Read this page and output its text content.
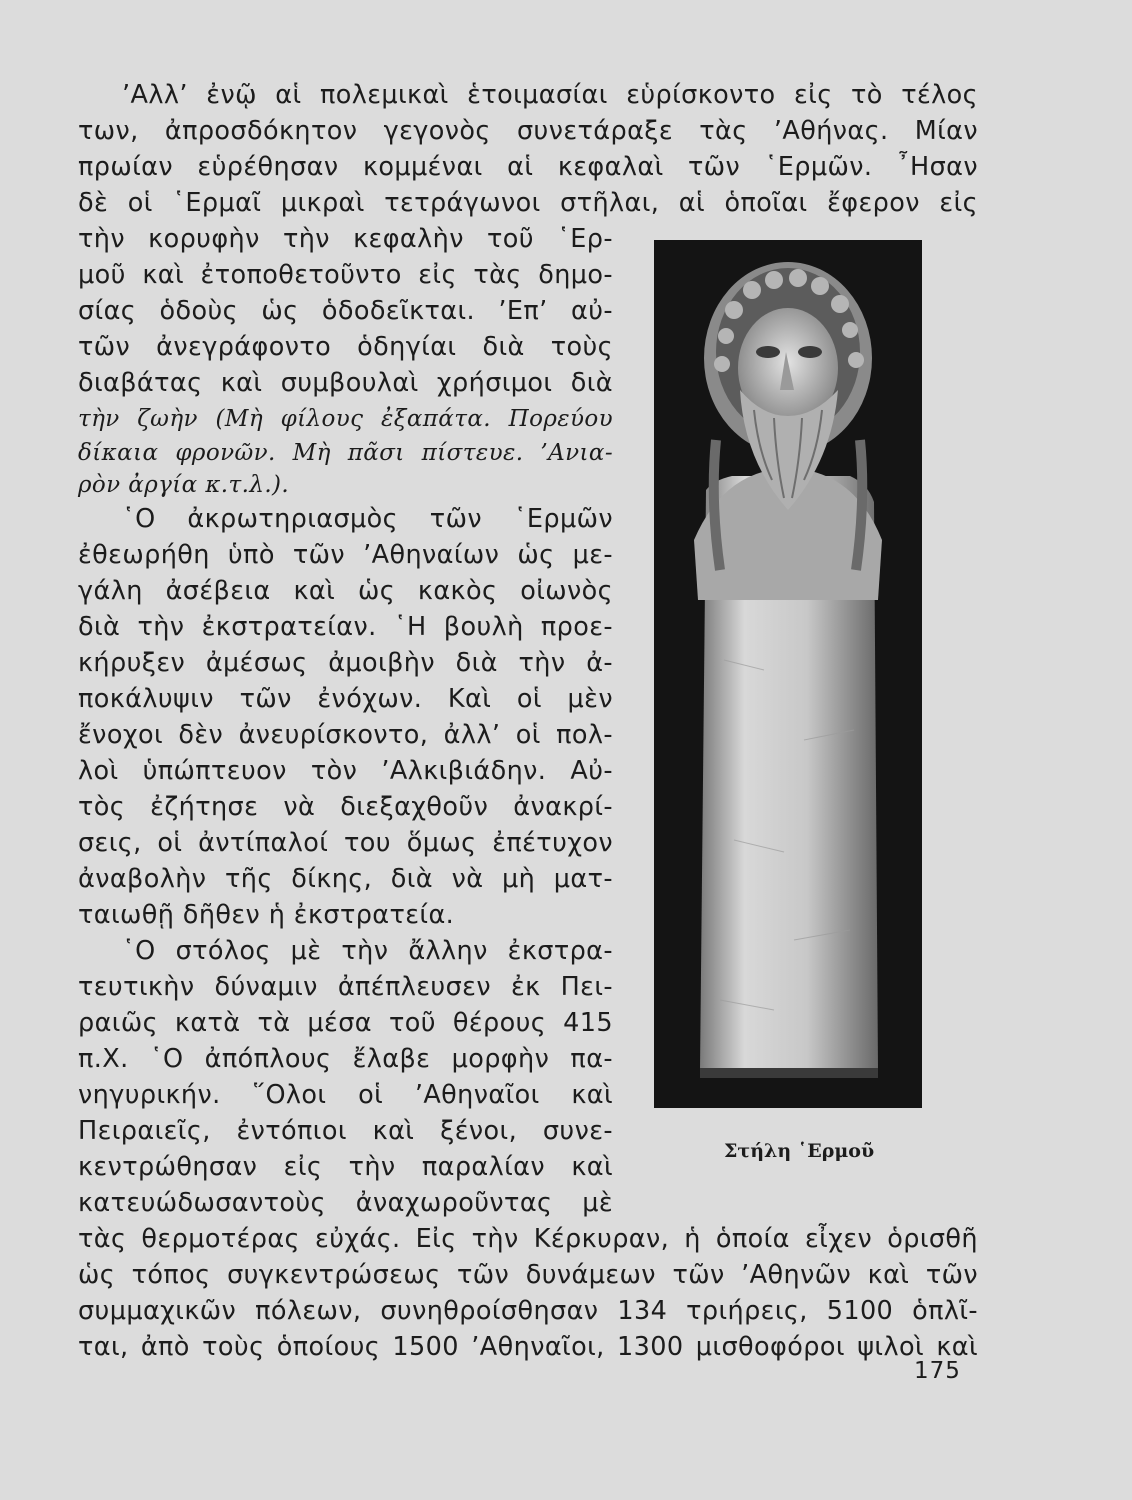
’Αλλ’ ἐνῷ αἱ πολεμικαὶ ἑτοιμασίαι εὑρίσκοντο εἰς τὸ τέλος
των, ἀπροσδόκητον γεγονὸς συνετάραξε τὰς ’Αθήνας. Μίαν
πρωίαν εὑρέθησαν κομμέναι αἱ κεφαλαὶ τῶν ῾Ερμῶν. ῏Ησαν
δὲ οἱ ῾Ερμαῖ μικραὶ τετράγωνοι στῆλαι, αἱ ὁποῖαι ἔφερον εἰς
τὴν κορυφὴν τὴν κεφαλὴν τοῦ ῾Ερ-
μοῦ καὶ ἐτοποθετοῦντο εἰς τὰς δημο-
σίας ὁδοὺς ὡς ὁδοδεῖκται. ’Επ’ αὐ-
τῶν ἀνεγράφοντο ὁδηγίαι διὰ τοὺς
διαβάτας καὶ συμβουλαὶ χρήσιμοι διὰ
τὴν ζωὴν (Μὴ φίλους ἐξαπάτα. Πορεύου
δίκαια φρονῶν. Μὴ πᾶσι πίστευε. ’Ανια-
ρὸν ἀργία κ.τ.λ.).
῾Ο ἀκρωτηριασμὸς τῶν ῾Ερμῶν
ἐθεωρήθη ὑπὸ τῶν ’Αθηναίων ὡς με-
γάλη ἀσέβεια καὶ ὡς κακὸς οἰωνὸς
διὰ τὴν ἐκστρατείαν. ῾Η βουλὴ προε-
κήρυξεν ἀμέσως ἀμοιβὴν διὰ τὴν ἀ-
ποκάλυψιν τῶν ἐνόχων. Καὶ οἱ μὲν
ἔνοχοι δὲν ἀνευρίσκοντο, ἀλλ’ οἱ πολ-
λοὶ ὑπώπτευον τὸν ’Αλκιβιάδην. Αὐ-
τὸς ἐζήτησε νὰ διεξαχθοῦν ἀνακρί-
σεις, οἱ ἀντίπαλοί του ὅμως ἐπέτυχον
ἀναβολὴν τῆς δίκης, διὰ νὰ μὴ ματ-
ταιωθῇ δῆθεν ἡ ἐκστρατεία.
῾Ο στόλος μὲ τὴν ἄλλην ἐκστρα-
τευτικὴν δύναμιν ἀπέπλευσεν ἐκ Πει-
ραιῶς κατὰ τὰ μέσα τοῦ θέρους 415
π.Χ. ῾Ο ἀπόπλους ἔλαβε μορφὴν πα-
νηγυρικήν. ῞Ολοι οἱ ’Αθηναῖοι καὶ
Πειραιεῖς, ἐντόπιοι καὶ ξένοι, συνε-
κεντρώθησαν εἰς τὴν παραλίαν καὶ
κατευώδωσαντοὺς ἀναχωροῦντας μὲ
τὰς θερμοτέρας εὐχάς. Εἰς τὴν Κέρκυραν, ἡ ὁποία εἶχεν ὁρισθῆ
ὡς τόπος συγκεντρώσεως τῶν δυνάμεων τῶν ’Αθηνῶν καὶ τῶν
συμμαχικῶν πόλεων, συνηθροίσθησαν 134 τριήρεις, 5100 ὁπλῖ-
ται, ἀπὸ τοὺς ὁποίους 1500 ’Αθηναῖοι, 1300 μισθοφόροι ψιλοὶ καὶ
Στήλη ῾Ερμοῦ
175
